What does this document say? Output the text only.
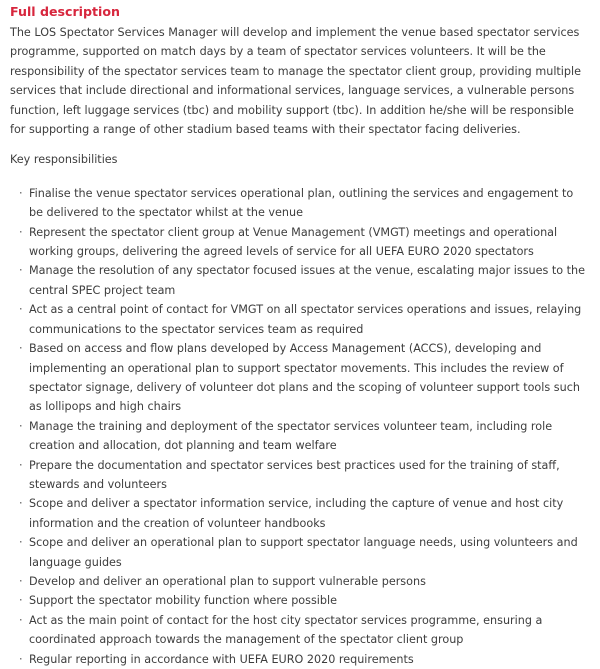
Full description

The LOS Spectator Services Manager will develop and implement the venue based spectator services programme, supported on match days by a team of spectator services volunteers. It will be the responsibility of the spectator services team to manage the spectator client group, providing multiple services that include directional and informational services, language services, a vulnerable persons function, left luggage services (tbc) and mobility support (tbc). In addition he/she will be responsible for supporting a range of other stadium based teams with their spectator facing deliveries.

Key responsibilities
· Finalise the venue spectator services operational plan, outlining the services and engagement to be delivered to the spectator whilst at the venue
· Represent the spectator client group at Venue Management (VMGT) meetings and operational working groups, delivering the agreed levels of service for all UEFA EURO 2020 spectators
· Manage the resolution of any spectator focused issues at the venue, escalating major issues to the central SPEC project team
· Act as a central point of contact for VMGT on all spectator services operations and issues, relaying communications to the spectator services team as required
· Based on access and flow plans developed by Access Management (ACCS), developing and implementing an operational plan to support spectator movements. This includes the review of spectator signage, delivery of volunteer dot plans and the scoping of volunteer support tools such as lollipops and high chairs
· Manage the training and deployment of the spectator services volunteer team, including role creation and allocation, dot planning and team welfare
· Prepare the documentation and spectator services best practices used for the training of staff, stewards and volunteers
· Scope and deliver a spectator information service, including the capture of venue and host city information and the creation of volunteer handbooks
· Scope and deliver an operational plan to support spectator language needs, using volunteers and language guides
· Develop and deliver an operational plan to support vulnerable persons
· Support the spectator mobility function where possible
· Act as the main point of contact for the host city spectator services programme, ensuring a coordinated approach towards the management of the spectator client group
· Regular reporting in accordance with UEFA EURO 2020 requirements
